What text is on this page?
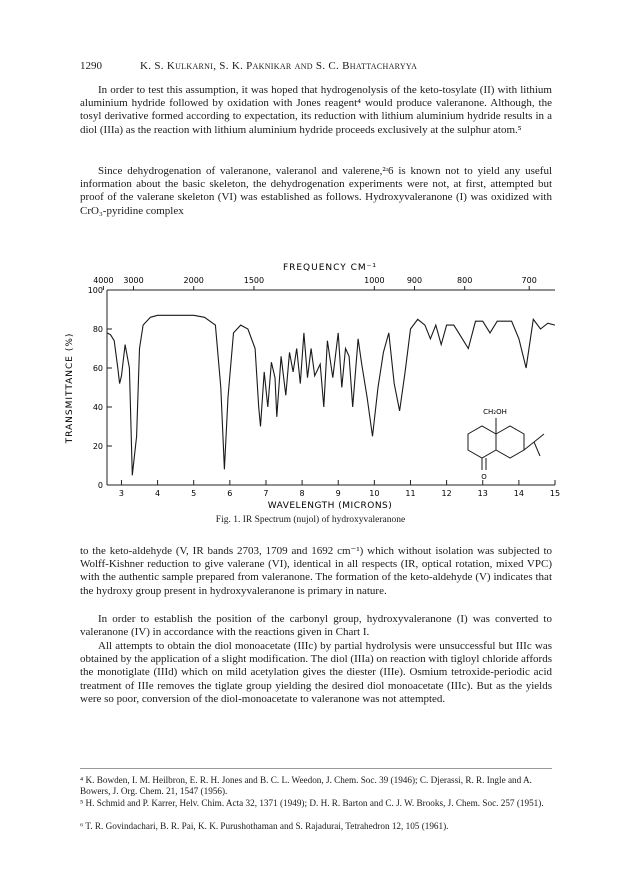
1290	K. S. Kulkarni, S. K. Paknikar and S. C. Bhattacharyya

In order to test this assumption, it was hoped that hydrogenolysis of the keto-tosylate (II) with lithium aluminium hydride followed by oxidation with Jones reagent⁴ would produce valeranone. Although, the tosyl derivative formed according to expectation, its reduction with lithium aluminium hydride results in a diol (IIIa) as the reaction with lithium aluminium hydride proceeds exclusively at the sulphur atom.⁵

Since dehydrogenation of valeranone, valeranol and valerene,²ʴ6 is known not to yield any useful information about the basic skeleton, the dehydrogenation experiments were not, at first, attempted but proof of the valerane skeleton (VI) was established as follows. Hydroxyvaleranone (I) was oxidized with CrO₃-pyridine complex

FREQUENCY CM⁻¹
4000 3000	2000	1500	1000	900	800	700
0
20
40
60
80
100
3	4	5	6	7	8	9	10	11	12	13	14	15
TRANSMITTANCE (%)
WAVELENGTH (MICRONS)
CH₂OH
O
Fig. 1. IR Spectrum (nujol) of hydroxyvaleranone

to the keto-aldehyde (V, IR bands 2703, 1709 and 1692 cm⁻¹) which without isolation was subjected to Wolff-Kishner reduction to give valerane (VI), identical in all respects (IR, optical rotation, mixed VPC) with the authentic sample prepared from valeranone. The formation of the keto-aldehyde (V) indicates that the hydroxy group present in hydroxyvaleranone is primary in nature.

In order to establish the position of the carbonyl group, hydroxyvaleranone (I) was converted to valeranone (IV) in accordance with the reactions given in Chart I.

All attempts to obtain the diol monoacetate (IIIc) by partial hydrolysis were unsuccessful but IIIc was obtained by the application of a slight modification. The diol (IIIa) on reaction with tigloyl chloride affords the monotiglate (IIId) which on mild acetylation gives the diester (IIIe). Osmium tetroxide-periodic acid treatment of IIIe removes the tiglate group yielding the desired diol monoacetate (IIIc). But as the yields were so poor, conversion of the diol-monoacetate to valeranone was not attempted.

⁴ K. Bowden, I. M. Heilbron, E. R. H. Jones and B. C. L. Weedon, J. Chem. Soc. 39 (1946); C. Djerassi, R. R. Ingle and A. Bowers, J. Org. Chem. 21, 1547 (1956).

⁵ H. Schmid and P. Karrer, Helv. Chim. Acta 32, 1371 (1949); D. H. R. Barton and C. J. W. Brooks, J. Chem. Soc. 257 (1951).

⁶ T. R. Govindachari, B. R. Pai, K. K. Purushothaman and S. Rajadurai, Tetrahedron 12, 105 (1961).
